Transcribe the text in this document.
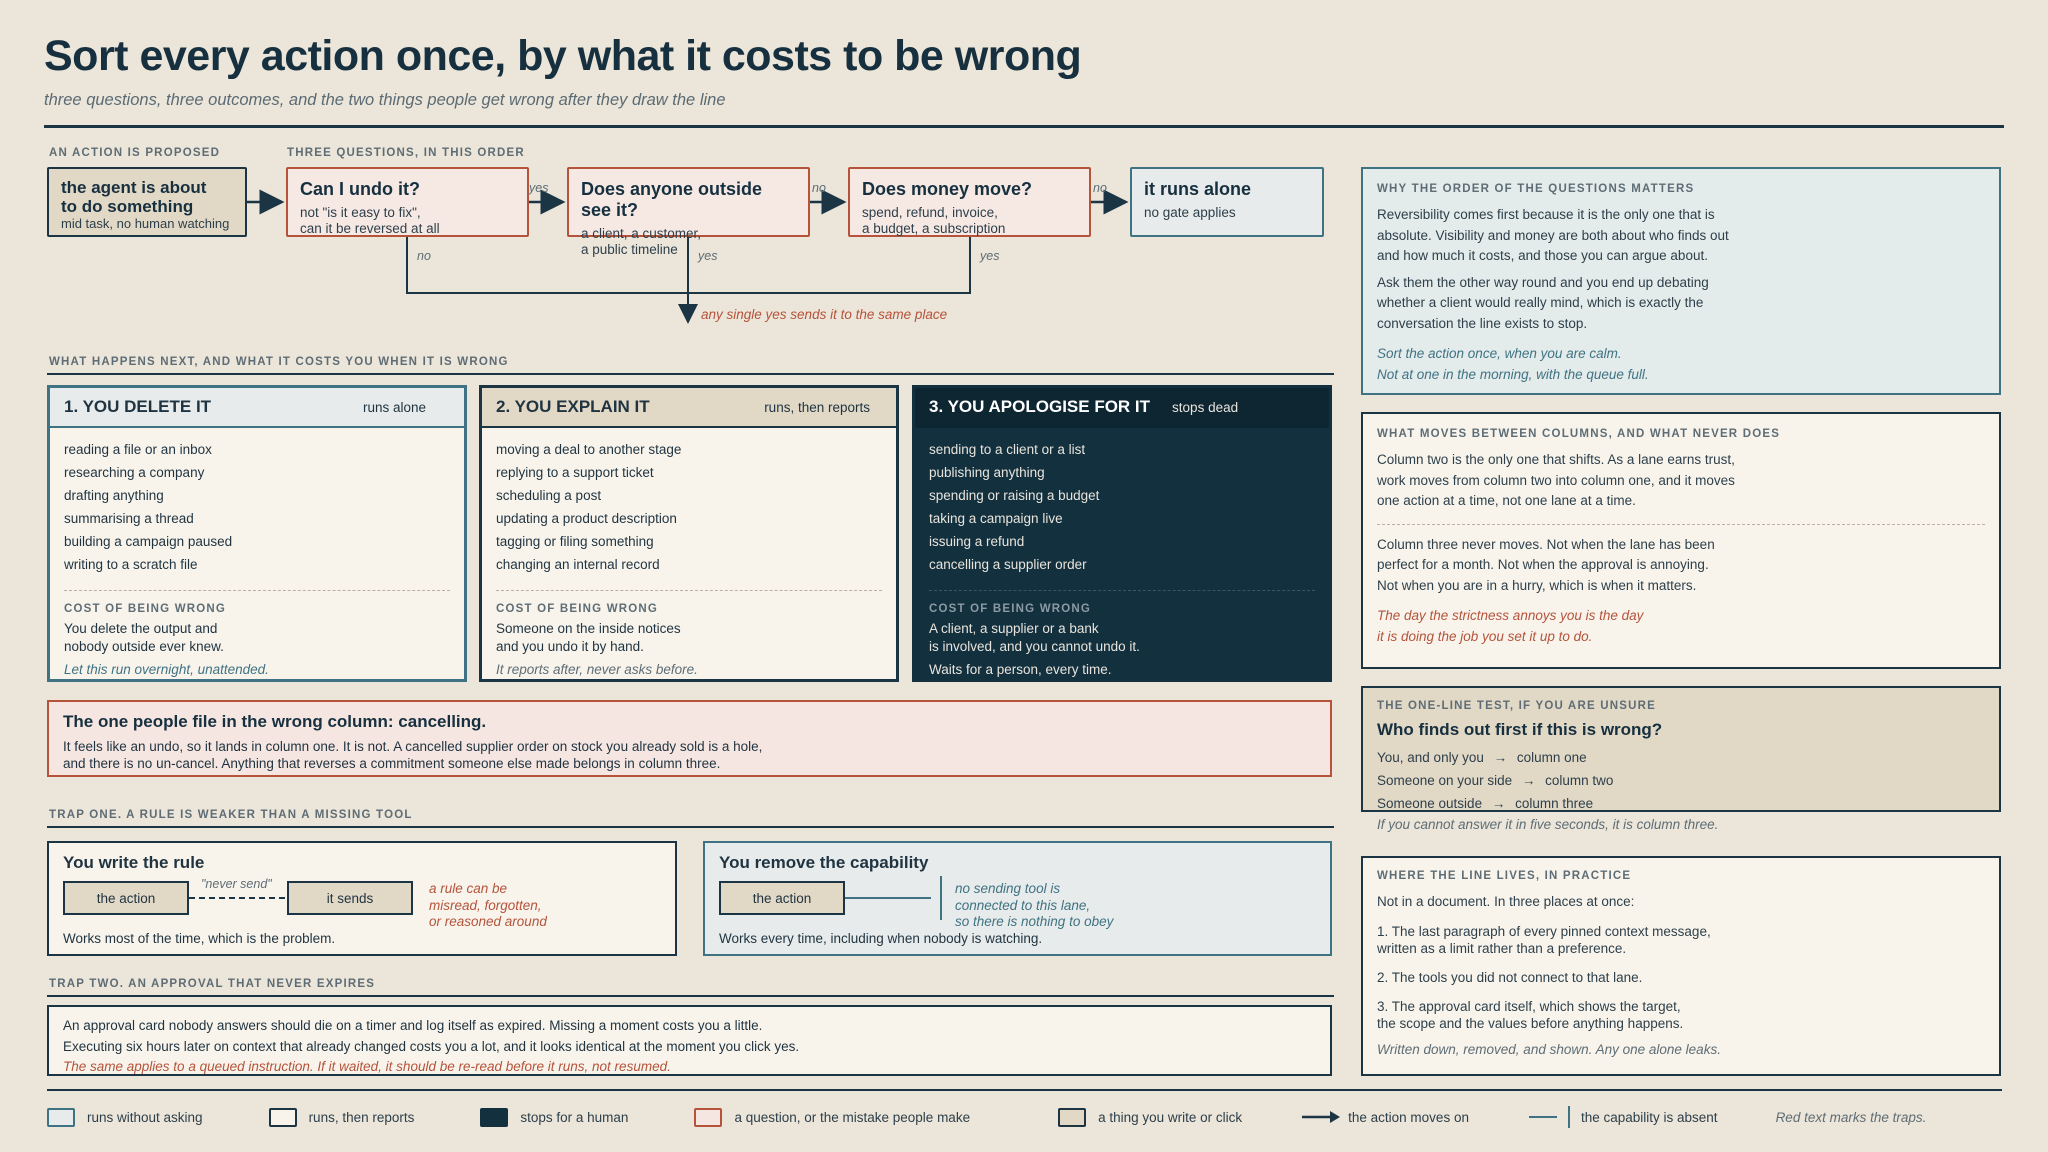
Sort every action once, by what it costs to be wrong
three questions, three outcomes, and the two things people get wrong after they draw the line
AN ACTION IS PROPOSED	THREE QUESTIONS, IN THIS ORDER
the agent is about
to do something
mid task, no human watching
Can I undo it?
not "is it easy to fix",
can it be reversed at all
Does anyone outside see it?
a client, a customer,
a public timeline
Does money move?
spend, refund, invoice,
a budget, a subscription
it runs alone
no gate applies
yes	no	no
no	yes	yes
any single yes sends it to the same place
WHAT HAPPENS NEXT, AND WHAT IT COSTS YOU WHEN IT IS WRONG
1. YOU DELETE IT	runs alone
reading a file or an inbox
researching a company
drafting anything
summarising a thread
building a campaign paused
writing to a scratch file
COST OF BEING WRONG
You delete the output and
nobody outside ever knew.
Let this run overnight, unattended.
2. YOU EXPLAIN IT	runs, then reports
moving a deal to another stage
replying to a support ticket
scheduling a post
updating a product description
tagging or filing something
changing an internal record
COST OF BEING WRONG
Someone on the inside notices
and you undo it by hand.
It reports after, never asks before.
3. YOU APOLOGISE FOR IT stops dead
sending to a client or a list
publishing anything
spending or raising a budget
taking a campaign live
issuing a refund
cancelling a supplier order
COST OF BEING WRONG
A client, a supplier or a bank
is involved, and you cannot undo it.
Waits for a person, every time.
The one people file in the wrong column: cancelling.
It feels like an undo, so it lands in column one. It is not. A cancelled supplier order on stock you already sold is a hole,
and there is no un-cancel. Anything that reverses a commitment someone else made belongs in column three.
TRAP ONE. A RULE IS WEAKER THAN A MISSING TOOL
You write the rule
the action
"never send"
it sends
a rule can be
misread, forgotten,
or reasoned around
Works most of the time, which is the problem.
You remove the capability
the action
no sending tool is
connected to this lane,
so there is nothing to obey
Works every time, including when nobody is watching.
TRAP TWO. AN APPROVAL THAT NEVER EXPIRES
An approval card nobody answers should die on a timer and log itself as expired. Missing a moment costs you a little.
Executing six hours later on context that already changed costs you a lot, and it looks identical at the moment you click yes.
The same applies to a queued instruction. If it waited, it should be re-read before it runs, not resumed.
WHY THE ORDER OF THE QUESTIONS MATTERS
Reversibility comes first because it is the only one that is
absolute. Visibility and money are both about who finds out
and how much it costs, and those you can argue about.
Ask them the other way round and you end up debating
whether a client would really mind, which is exactly the
conversation the line exists to stop.
Sort the action once, when you are calm.
Not at one in the morning, with the queue full.
WHAT MOVES BETWEEN COLUMNS, AND WHAT NEVER DOES
Column two is the only one that shifts. As a lane earns trust,
work moves from column two into column one, and it moves
one action at a time, not one lane at a time.
Column three never moves. Not when the lane has been
perfect for a month. Not when the approval is annoying.
Not when you are in a hurry, which is when it matters.
The day the strictness annoys you is the day
it is doing the job you set it up to do.
THE ONE-LINE TEST, IF YOU ARE UNSURE
Who finds out first if this is wrong?
You, and only you → column one
Someone on your side → column two
Someone outside → column three
If you cannot answer it in five seconds, it is column three.
WHERE THE LINE LIVES, IN PRACTICE
Not in a document. In three places at once:
1. The last paragraph of every pinned context message,
written as a limit rather than a preference.
2. The tools you did not connect to that lane.
3. The approval card itself, which shows the target,
the scope and the values before anything happens.
Written down, removed, and shown. Any one alone leaks.
runs without asking	runs, then reports	stops for a human	a question, or the mistake people make	a thing you write or click	the action moves on	the capability is absent	Red text marks the traps.
